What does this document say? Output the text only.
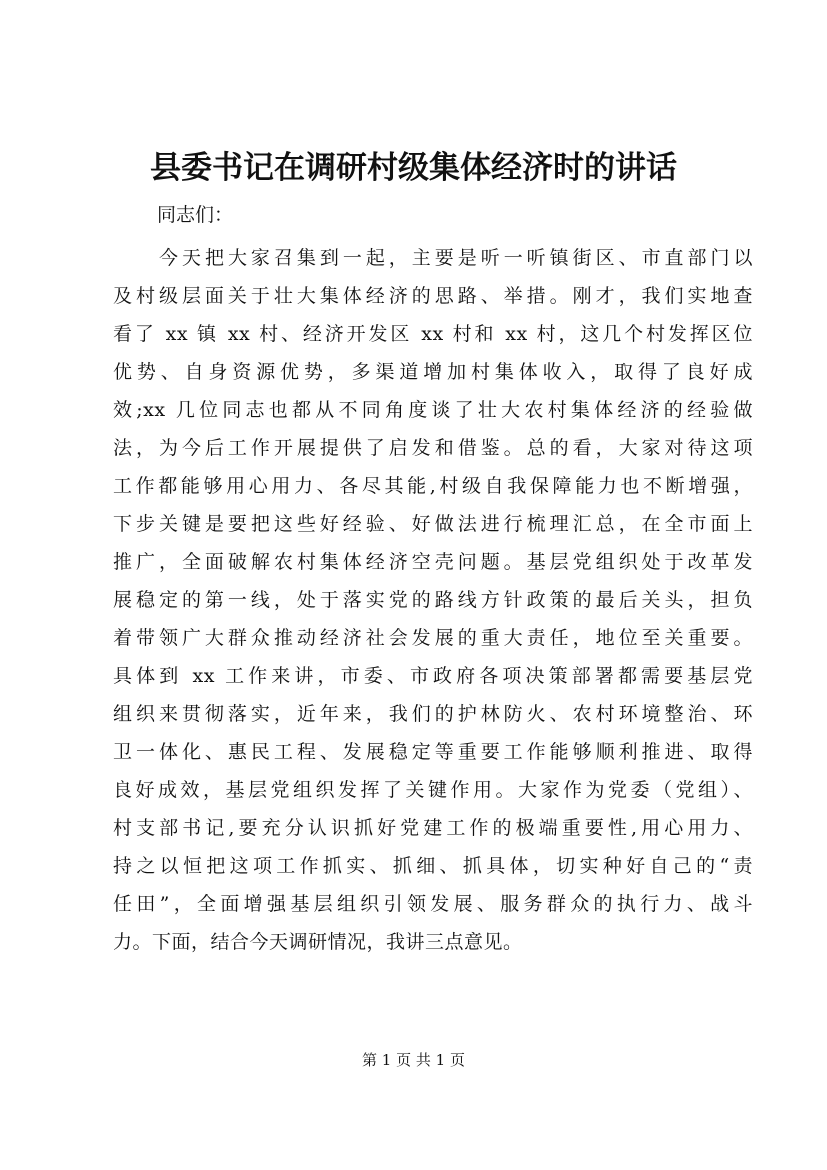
县委书记在调研村级集体经济时的讲话
同志们：
今天把大家召集到一起，主要是听一听镇街区、市直部门以
及村级层面关于壮大集体经济的思路、举措。刚才，我们实地查
看了 xx 镇 xx 村、经济开发区 xx 村和 xx 村，这几个村发挥区位
优势、自身资源优势，多渠道增加村集体收入，取得了良好成
效;xx 几位同志也都从不同角度谈了壮大农村集体经济的经验做
法，为今后工作开展提供了启发和借鉴。总的看，大家对待这项
工作都能够用心用力、各尽其能,村级自我保障能力也不断增强，
下步关键是要把这些好经验、好做法进行梳理汇总，在全市面上
推广，全面破解农村集体经济空壳问题。基层党组织处于改革发
展稳定的第一线，处于落实党的路线方针政策的最后关头，担负
着带领广大群众推动经济社会发展的重大责任，地位至关重要。
具体到 xx 工作来讲，市委、市政府各项决策部署都需要基层党
组织来贯彻落实，近年来，我们的护林防火、农村环境整治、环
卫一体化、惠民工程、发展稳定等重要工作能够顺利推进、取得
良好成效，基层党组织发挥了关键作用。大家作为党委（党组）、
村支部书记,要充分认识抓好党建工作的极端重要性,用心用力、
持之以恒把这项工作抓实、抓细、抓具体，切实种好自己的“责
任田”，全面增强基层组织引领发展、服务群众的执行力、战斗
力。下面，结合今天调研情况，我讲三点意见。
第 1 页 共 1 页
